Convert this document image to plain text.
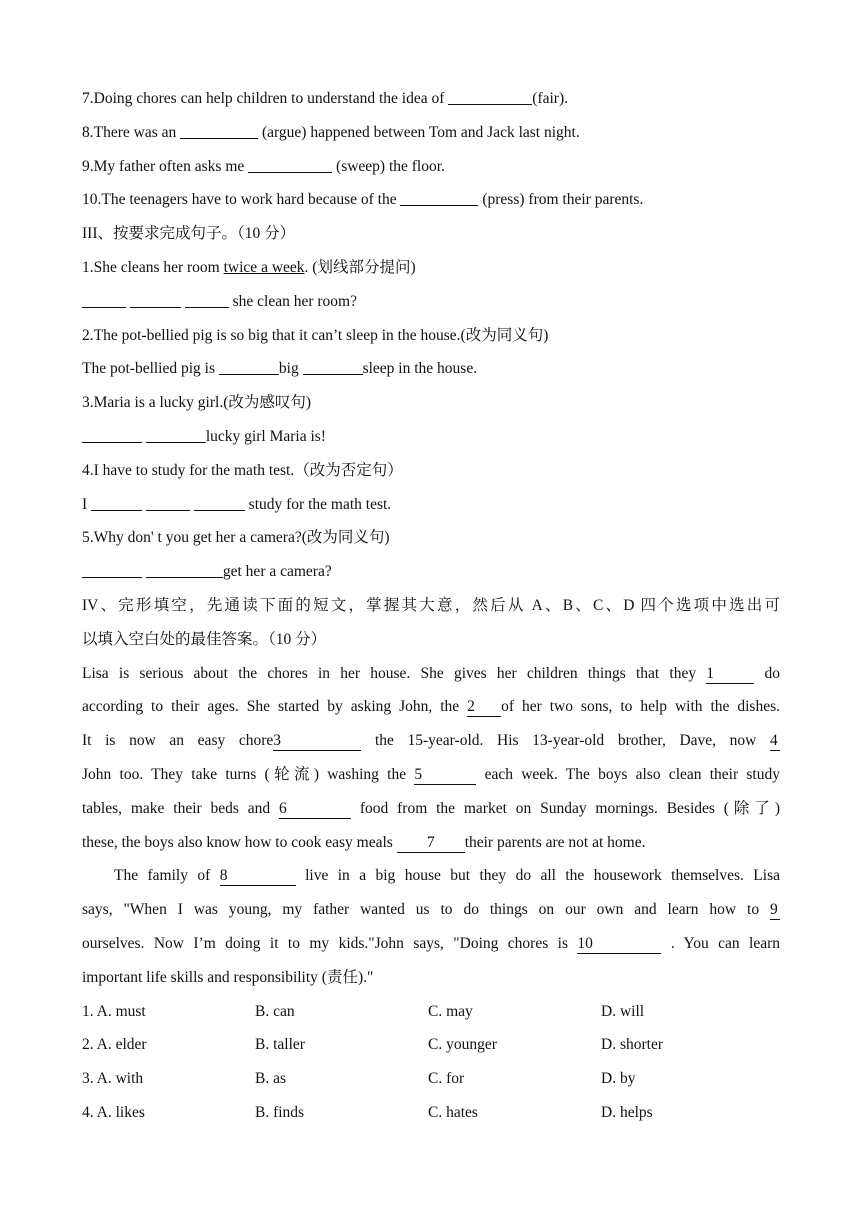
7.Doing chores can help children to understand the idea of	(fair).
8.There was an	(argue) happened between Tom and Jack last night.
9.My father often asks me	(sweep) the floor.
10.The teenagers have to work hard because of the	(press) from their parents.
III、按要求完成句子。（10 分）
1.She cleans her room twice a week. (划线部分提问)
she clean her room?
2.The pot-bellied pig is so big that it can’t sleep in the house.(改为同义句)
The pot-bellied pig is	big	sleep in the house.
3.Maria is a lucky girl.(改为感叹句)
lucky girl Maria is!
4.I have to study for the math test.（改为否定句）
I	study for the math test.
5.Why don' t you get her a camera?(改为同义句)
get her a camera?
IV、完形填空，先通读下面的短文，掌握其大意，然后从 A、B、C、D 四个选项中选出可
以填入空白处的最佳答案。（10 分）
Lisa is serious about the chores in her house. She gives her children things that they 1	do
according to their ages. She started by asking John, the 2 of her two sons, to help with the dishes.
It is now an easy chore3	the 15-year-old. His 13-year-old brother, Dave, now 4
John too. They take turns (轮流) washing the 5	each week. The boys also clean their study
tables, make their beds and 6	food from the market on Sunday mornings. Besides (除了)
these, the boys also know how to cook easy meals 7 their parents are not at home.
The family of 8	live in a big house but they do all the housework themselves. Lisa
says, "When I was young, my father wanted us to do things on our own and learn how to 9
ourselves. Now I’m doing it to my kids."John says, "Doing chores is 10	. You can learn
important life skills and responsibility (责任)."
1. A. must	B. can	C. may	D. will
2. A. elder	B. taller	C. younger	D. shorter
3. A. with	B. as	C. for	D. by
4. A. likes	B. finds	C. hates	D. helps
